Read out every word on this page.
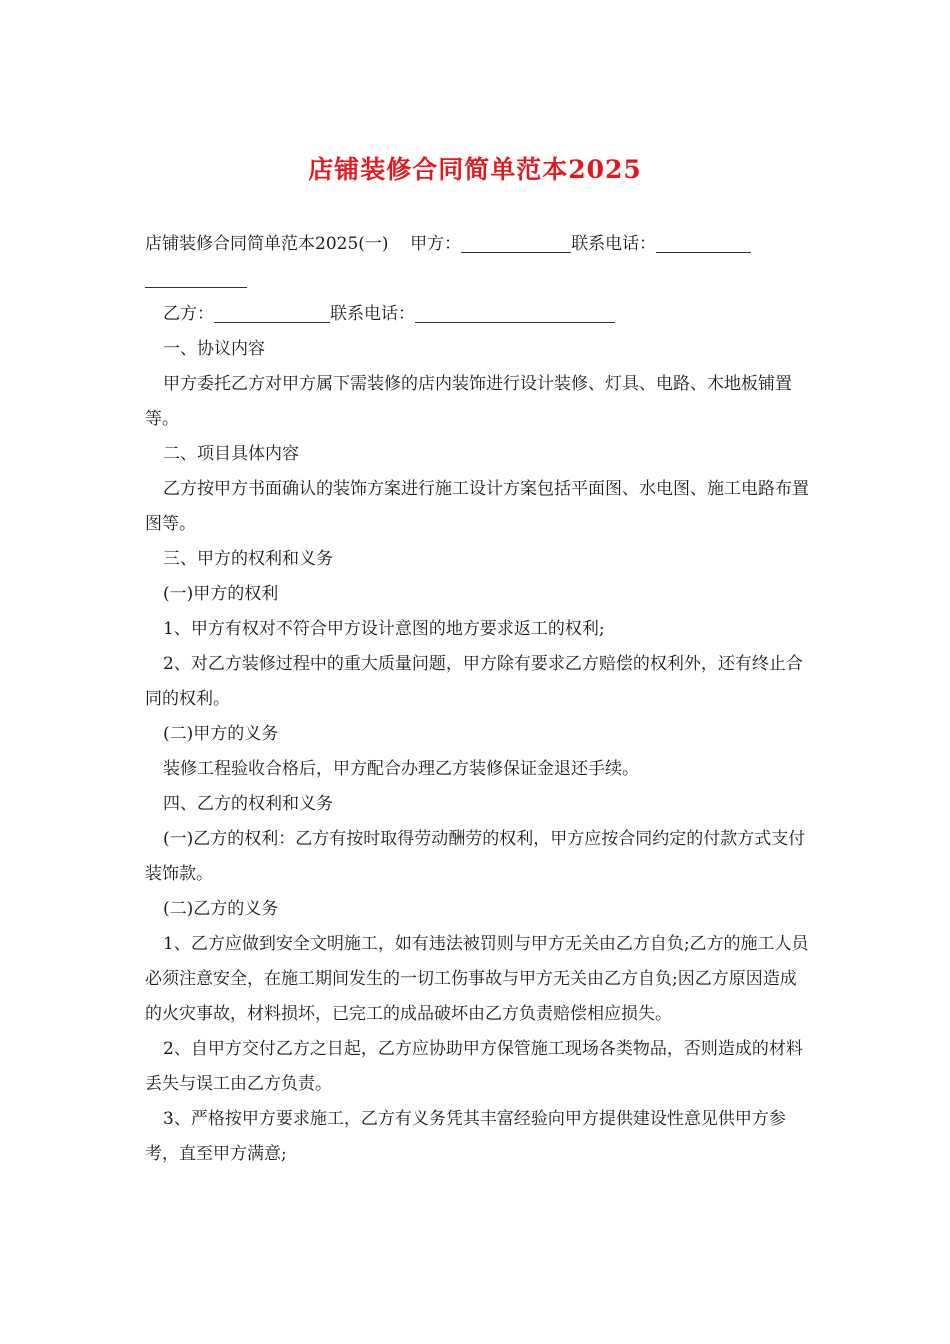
店铺装修合同简单范本2025

店铺装修合同简单范本2025(一) 甲方：	联系电话：

乙方：	联系电话：

一、协议内容

甲方委托乙方对甲方属下需装修的店内装饰进行设计装修、灯具、电路、木地板铺置等。

二、项目具体内容

乙方按甲方书面确认的装饰方案进行施工设计方案包括平面图、水电图、施工电路布置图等。

三、甲方的权利和义务

(一)甲方的权利

1、甲方有权对不符合甲方设计意图的地方要求返工的权利;

2、对乙方装修过程中的重大质量问题，甲方除有要求乙方赔偿的权利外，还有终止合同的权利。

(二)甲方的义务

装修工程验收合格后，甲方配合办理乙方装修保证金退还手续。

四、乙方的权利和义务

(一)乙方的权利：乙方有按时取得劳动酬劳的权利，甲方应按合同约定的付款方式支付装饰款。

(二)乙方的义务

1、乙方应做到安全文明施工，如有违法被罚则与甲方无关由乙方自负;乙方的施工人员必须注意安全，在施工期间发生的一切工伤事故与甲方无关由乙方自负;因乙方原因造成的火灾事故，材料损坏，已完工的成品破坏由乙方负责赔偿相应损失。

2、自甲方交付乙方之日起，乙方应协助甲方保管施工现场各类物品，否则造成的材料丢失与误工由乙方负责。

3、严格按甲方要求施工，乙方有义务凭其丰富经验向甲方提供建设性意见供甲方参考，直至甲方满意;
